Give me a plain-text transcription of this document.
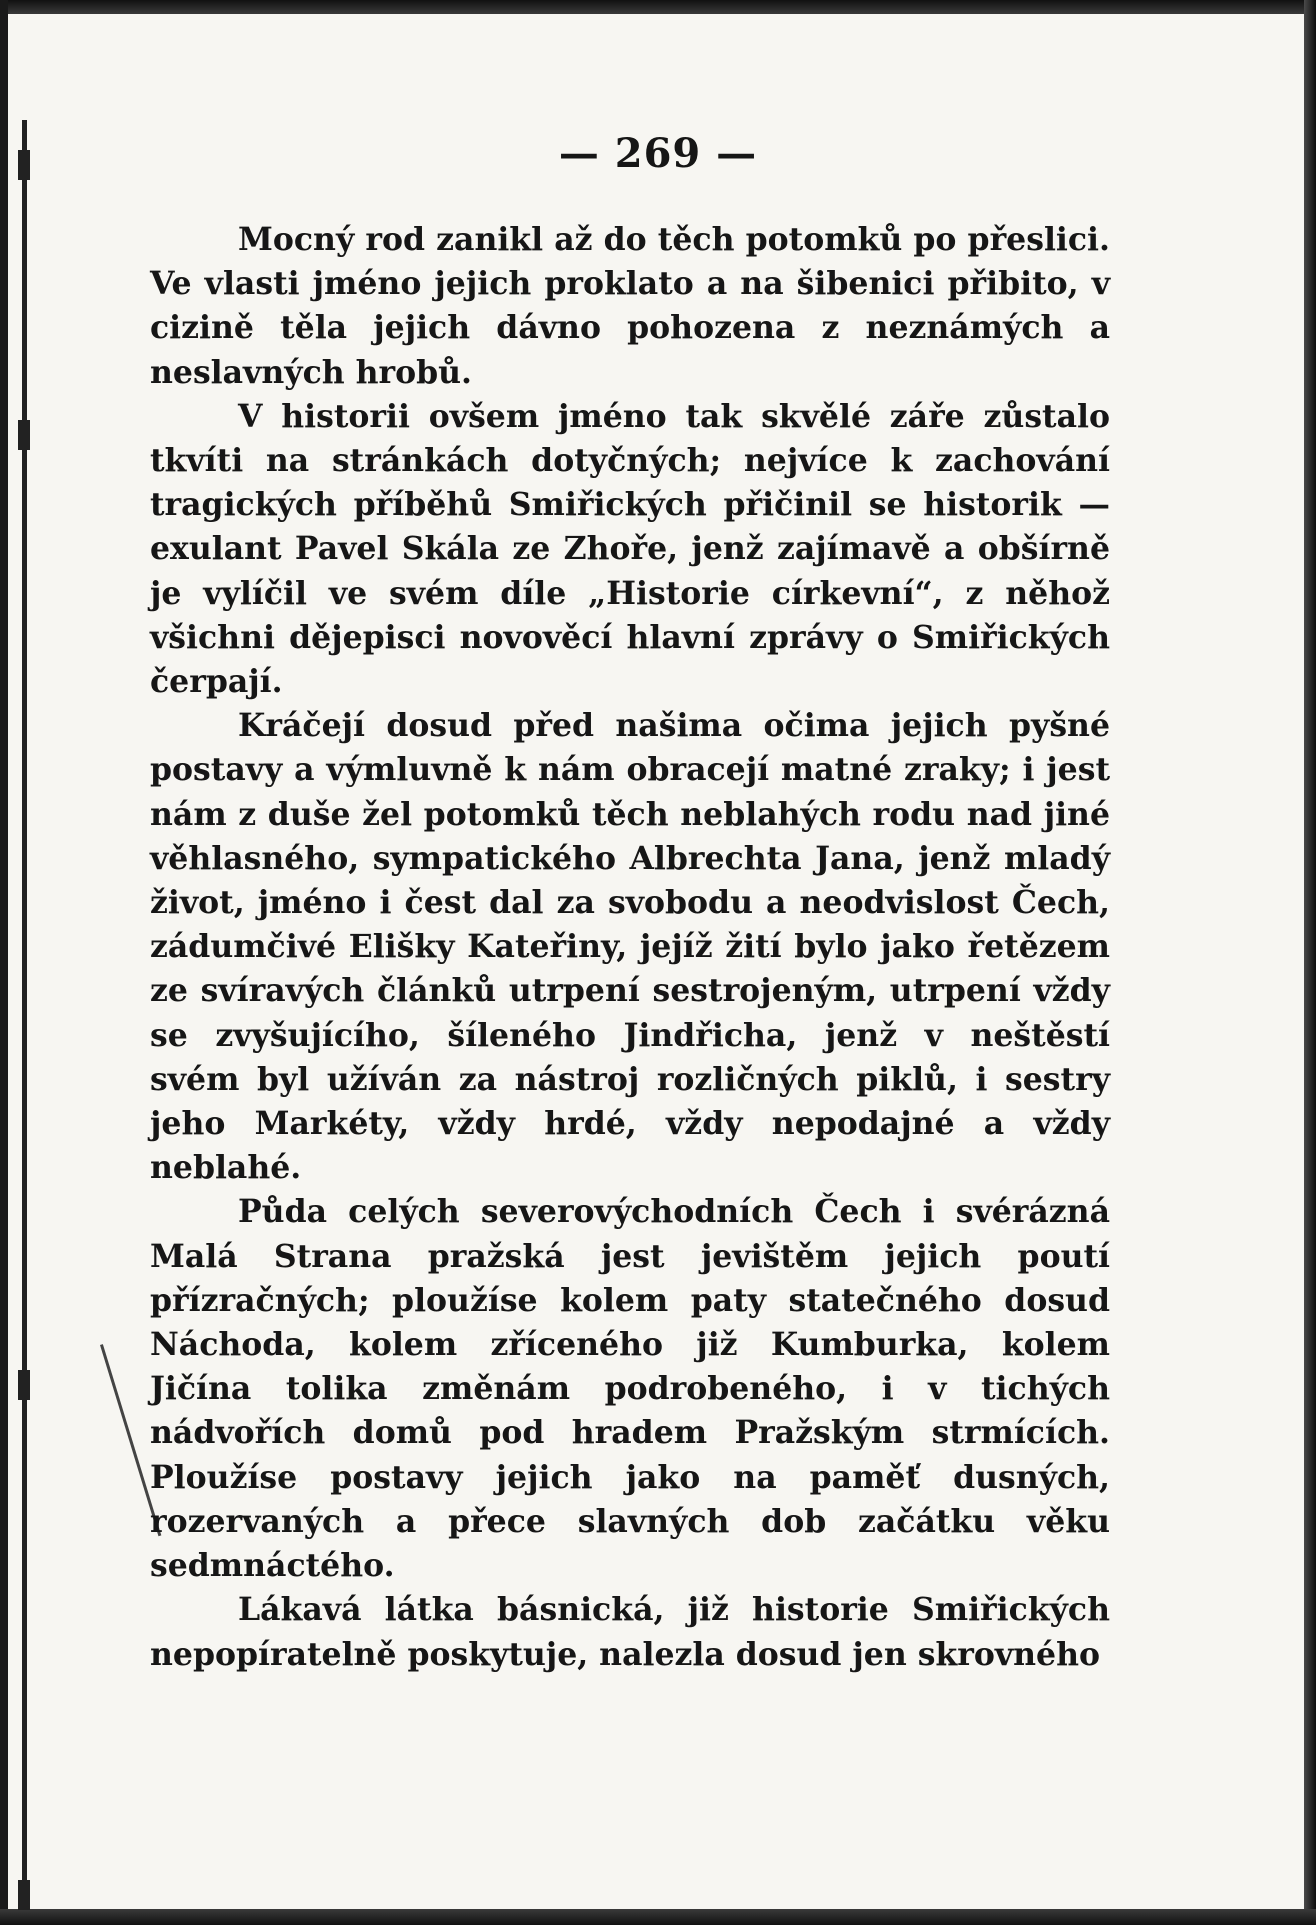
— 269 —

Mocný rod zanikl až do těch potomků po přeslici. Ve vlasti jméno jejich proklato a na šibenici přibito, v cizině těla jejich dávno pohozena z neznámých a neslavných hrobů.

V historii ovšem jméno tak skvělé záře zůstalo tkvíti na stránkách dotyčných; nejvíce k zachování tragických příběhů Smiřických přičinil se historik — exulant Pavel Skála ze Zhoře, jenž zajímavě a obšírně je vylíčil ve svém díle „Historie církevní“, z něhož všichni dějepisci novověcí hlavní zprávy o Smiřických čerpají.

Kráčejí dosud před našima očima jejich pyšné postavy a výmluvně k nám obracejí matné zraky; i jest nám z duše žel potomků těch neblahých rodu nad jiné věhlasného, sympatického Albrechta Jana, jenž mladý život, jméno i čest dal za svobodu a neodvislost Čech, zádumčivé Elišky Kateřiny, jejíž žití bylo jako řetězem ze svíravých článků utrpení sestrojeným, utrpení vždy se zvyšujícího, šíleného Jindřicha, jenž v neštěstí svém byl užíván za nástroj rozličných piklů, i sestry jeho Markéty, vždy hrdé, vždy nepodajné a vždy neblahé.

Půda celých severovýchodních Čech i svérázná Malá Strana pražská jest jevištěm jejich poutí přízračných; ploužíse kolem paty statečného dosud Náchoda, kolem zříceného již Kumburka, kolem Jičína tolika změnám podrobeného, i v tichých nádvořích domů pod hradem Pražským strmících. Ploužíse postavy jejich jako na paměť dusných, rozervaných a přece slavných dob začátku věku sedmnáctého.

Lákavá látka básnická, již historie Smiřických nepopíratelně poskytuje, nalezla dosud jen skrovného
